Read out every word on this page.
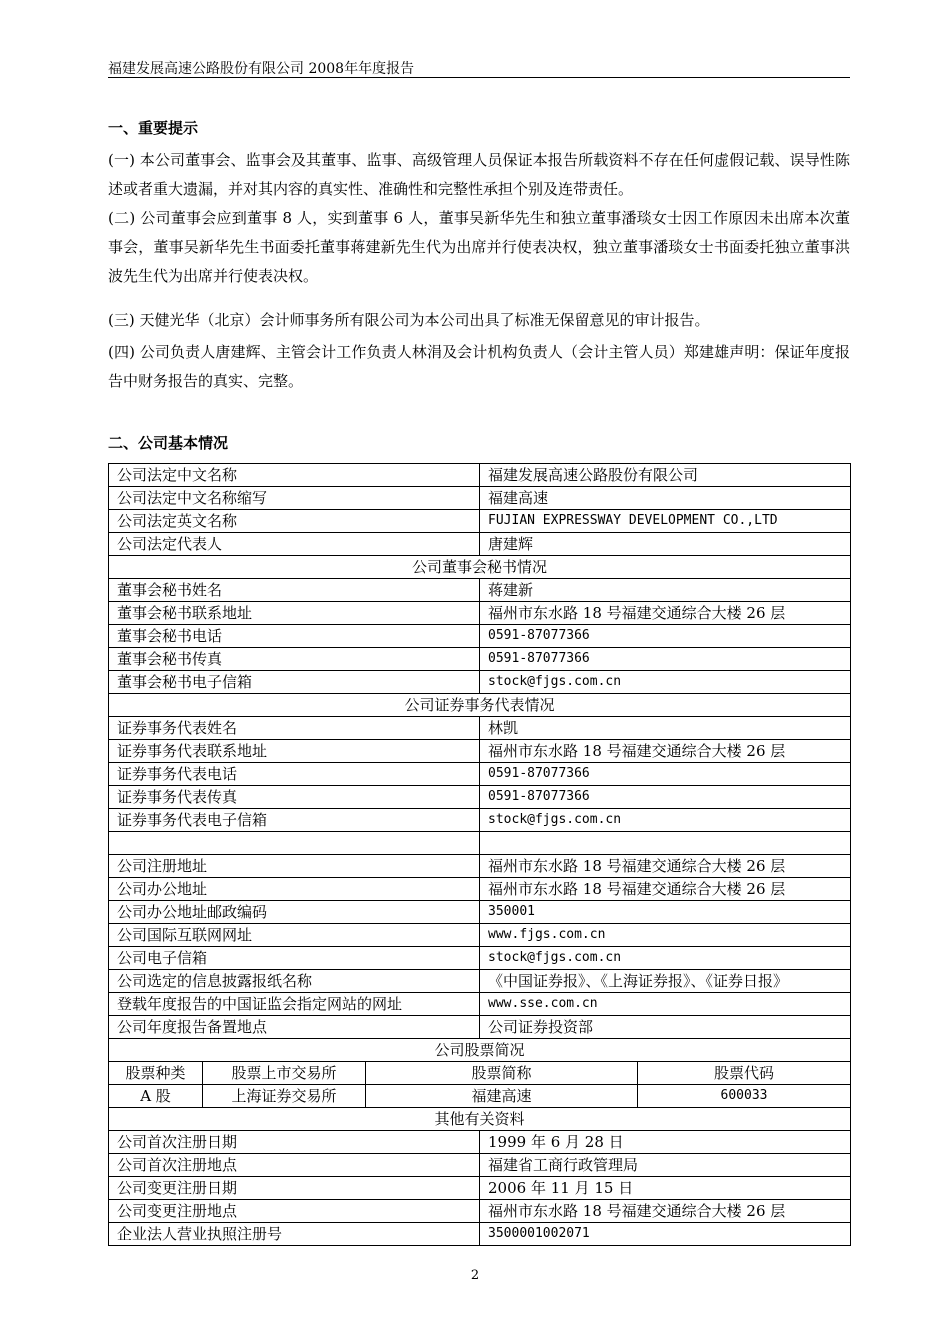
福建发展高速公路股份有限公司 2008年年度报告
一、重要提示
(一) 本公司董事会、监事会及其董事、监事、高级管理人员保证本报告所载资料不存在任何虚假记载、误导性陈述或者重大遗漏，并对其内容的真实性、准确性和完整性承担个别及连带责任。
(二) 公司董事会应到董事 8 人，实到董事 6 人，董事吴新华先生和独立董事潘琰女士因工作原因未出席本次董事会，董事吴新华先生书面委托董事蒋建新先生代为出席并行使表决权，独立董事潘琰女士书面委托独立董事洪波先生代为出席并行使表决权。
(三) 天健光华（北京）会计师事务所有限公司为本公司出具了标准无保留意见的审计报告。
(四) 公司负责人唐建辉、主管会计工作负责人林涓及会计机构负责人（会计主管人员）郑建雄声明：保证年度报告中财务报告的真实、完整。
二、公司基本情况
公司法定中文名称			福建发展高速公路股份有限公司	
公司法定中文名称缩写			福建高速	
公司法定英文名称			FUJIAN EXPRESSWAY DEVELOPMENT CO.,LTD	
公司法定代表人			唐建辉	
公司董事会秘书情况				
董事会秘书姓名			蒋建新	
董事会秘书联系地址			福州市东水路 18 号福建交通综合大楼 26 层	
董事会秘书电话			0591-87077366	
董事会秘书传真			0591-87077366	
董事会秘书电子信箱			stock@fjgs.com.cn	
公司证券事务代表情况				
证券事务代表姓名			林凯	
证券事务代表联系地址			福州市东水路 18 号福建交通综合大楼 26 层	
证券事务代表电话			0591-87077366	
证券事务代表传真			0591-87077366	
证券事务代表电子信箱			stock@fjgs.com.cn	

公司注册地址			福州市东水路 18 号福建交通综合大楼 26 层	
公司办公地址			福州市东水路 18 号福建交通综合大楼 26 层	
公司办公地址邮政编码			350001	
公司国际互联网网址			www.fjgs.com.cn	
公司电子信箱			stock@fjgs.com.cn	
公司选定的信息披露报纸名称			《中国证券报》、《上海证券报》、《证券日报》	
登载年度报告的中国证监会指定网站的网址			www.sse.com.cn	
公司年度报告备置地点			公司证券投资部	
公司股票简况				
股票种类	股票上市交易所	股票简称		股票代码
A 股	上海证券交易所	福建高速		600033
其他有关资料				
公司首次注册日期			1999 年 6 月 28 日	
公司首次注册地点			福建省工商行政管理局	
公司变更注册日期			2006 年 11 月 15 日	
公司变更注册地点			福州市东水路 18 号福建交通综合大楼 26 层	
企业法人营业执照注册号			3500001002071	
2
